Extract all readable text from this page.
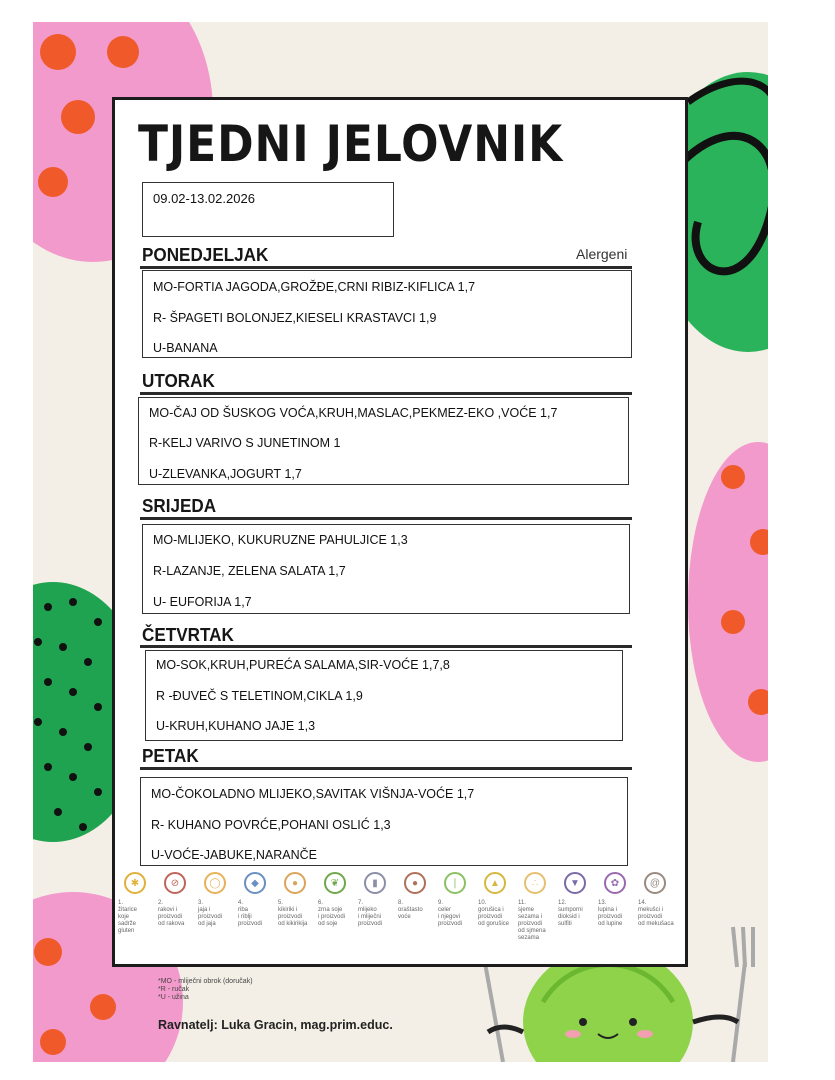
TJEDNI JELOVNIK
09.02-13.02.2026
Alergeni
PONEDJELJAK
MO-FORTIA JAGODA,GROŽĐE,CRNI RIBIZ-KIFLICA 1,7
R- ŠPAGETI BOLONJEZ,KIESELI KRASTAVCI 1,9
U-BANANA
UTORAK
MO-ČAJ OD ŠUSKOG VOĆA,KRUH,MASLAC,PEKMEZ-EKO ,VOĆE 1,7
R-KELJ VARIVO S JUNETINOM 1
U-ZLEVANKA,JOGURT 1,7
SRIJEDA
MO-MLIJEKO, KUKURUZNE PAHULJICE 1,3
R-LAZANJE, ZELENA SALATA 1,7
U- EUFORIJA 1,7
ČETVRTAK
MO-SOK,KRUH,PUREĆA SALAMA,SIR-VOĆE 1,7,8
R -ĐUVEČ S TELETINOM,CIKLA 1,9
U-KRUH,KUHANO JAJE 1,3
PETAK
MO-ČOKOLADNO MLIJEKO,SAVITAK VIŠNJA-VOĆE 1,7
R- KUHANO POVRĆE,POHANI OSLIĆ 1,3
U-VOĆE-JABUKE,NARANČE
✱
1.
žitarice
koje
sadrže
gluten
⊘
2.
rakovi i
proizvodi
od rakova
◯
3.
jaja i
proizvodi
od jaja
◆
4.
riba
i riblji
proizvodi
●
5.
kikiriki i
proizvodi
od kikirikija
❦
6.
zrna soje
i proizvodi
od soje
▮
7.
mlijeko
i mliječni
proizvodi
●
8.
oraštasto
voće
❘
9.
celer
i njegovi
proizvodi
▲
10.
gorušica i
proizvodi
od gorušice
∴
11.
sjeme
sezama i
proizvodi
od sjmena
sezama
▼
12.
sumporni
dioksid i
sulfiti
✿
13.
lupina i
proizvodi
od lupine
@
14.
mekušci i
proizvodi
od mekušaca
*MO - mliječni obrok (doručak)
*R - ručak
*U - užina
Ravnatelj: Luka Gracin, mag.prim.educ.
